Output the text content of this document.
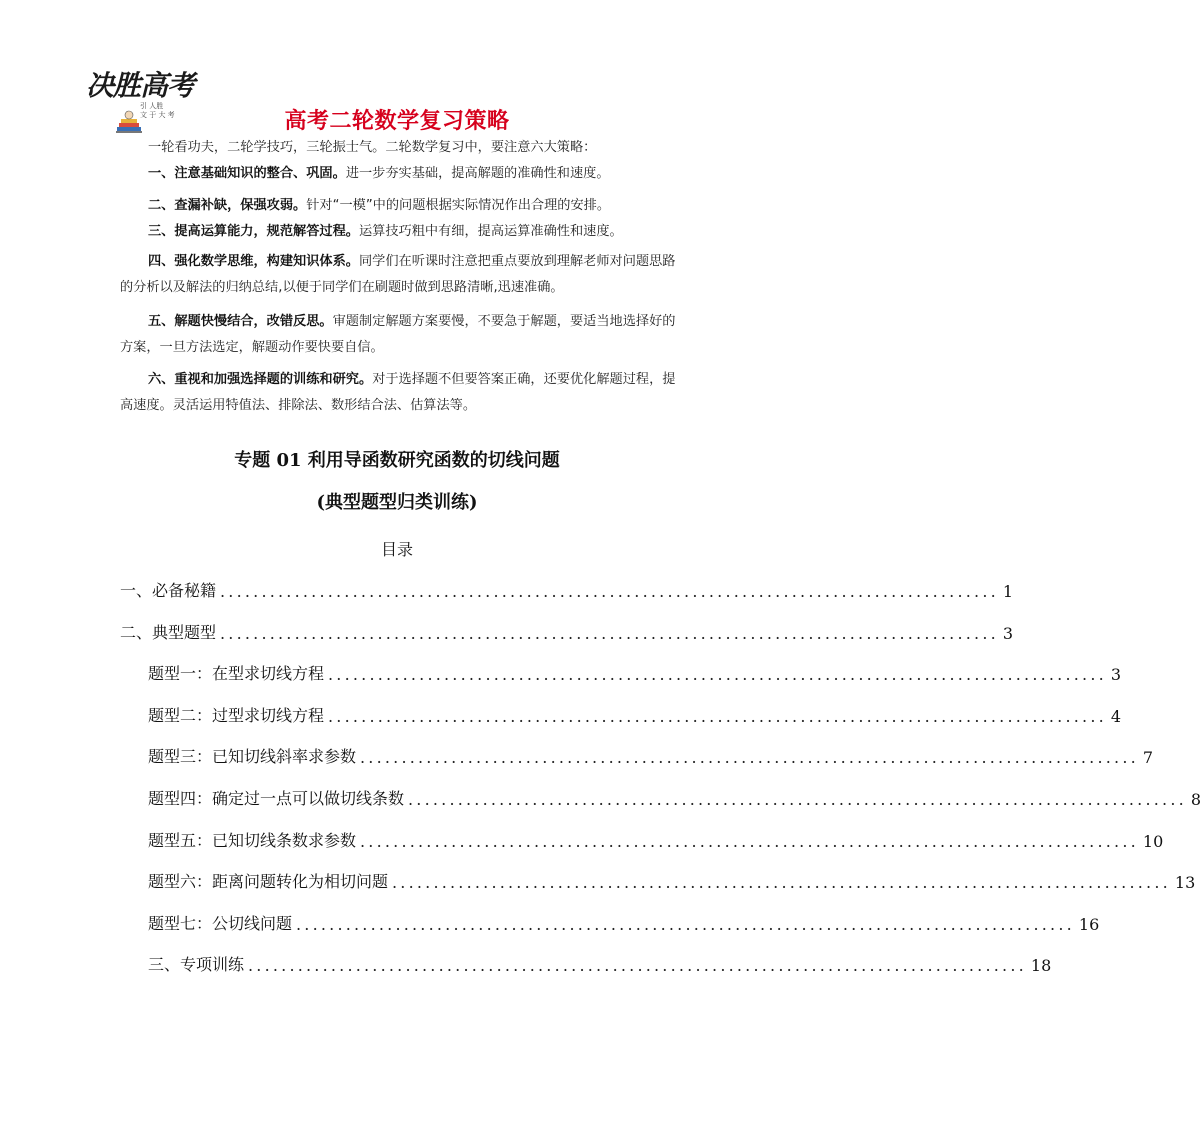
决胜高考
引 人胜
文 于 大 考	高考二轮数学复习策略
一轮看功夫，二轮学技巧，三轮振士气。二轮数学复习中，要注意六大策略：
一、注意基础知识的整合、巩固。进一步夯实基础，提高解题的准确性和速度。
二、查漏补缺，保强攻弱。针对“一模”中的问题根据实际情况作出合理的安排。
三、提高运算能力，规范解答过程。运算技巧粗中有细，提高运算准确性和速度。
四、强化数学思维，构建知识体系。同学们在听课时注意把重点要放到理解老师对问题思路的分析以及解法的归纳总结,以便于同学们在刷题时做到思路清晰,迅速准确。
五、解题快慢结合，改错反思。审题制定解题方案要慢，不要急于解题，要适当地选择好的方案，一旦方法选定，解题动作要快要自信。
六、重视和加强选择题的训练和研究。对于选择题不但要答案正确，还要优化解题过程，提高速度。灵活运用特值法、排除法、数形结合法、估算法等。
专题 01 利用导函数研究函数的切线问题
(典型题型归类训练)
目录
一、必备秘籍 .............................................................................................. 1
二、典型题型 .............................................................................................. 3
题型一：在型求切线方程 .............................................................................................. 3
题型二：过型求切线方程 .............................................................................................. 4
题型三：已知切线斜率求参数 .............................................................................................. 7
题型四：确定过一点可以做切线条数 .............................................................................................. 8
题型五：已知切线条数求参数 .............................................................................................. 10
题型六：距离问题转化为相切问题 .............................................................................................. 13
题型七：公切线问题 .............................................................................................. 16
三、专项训练 .............................................................................................. 18
